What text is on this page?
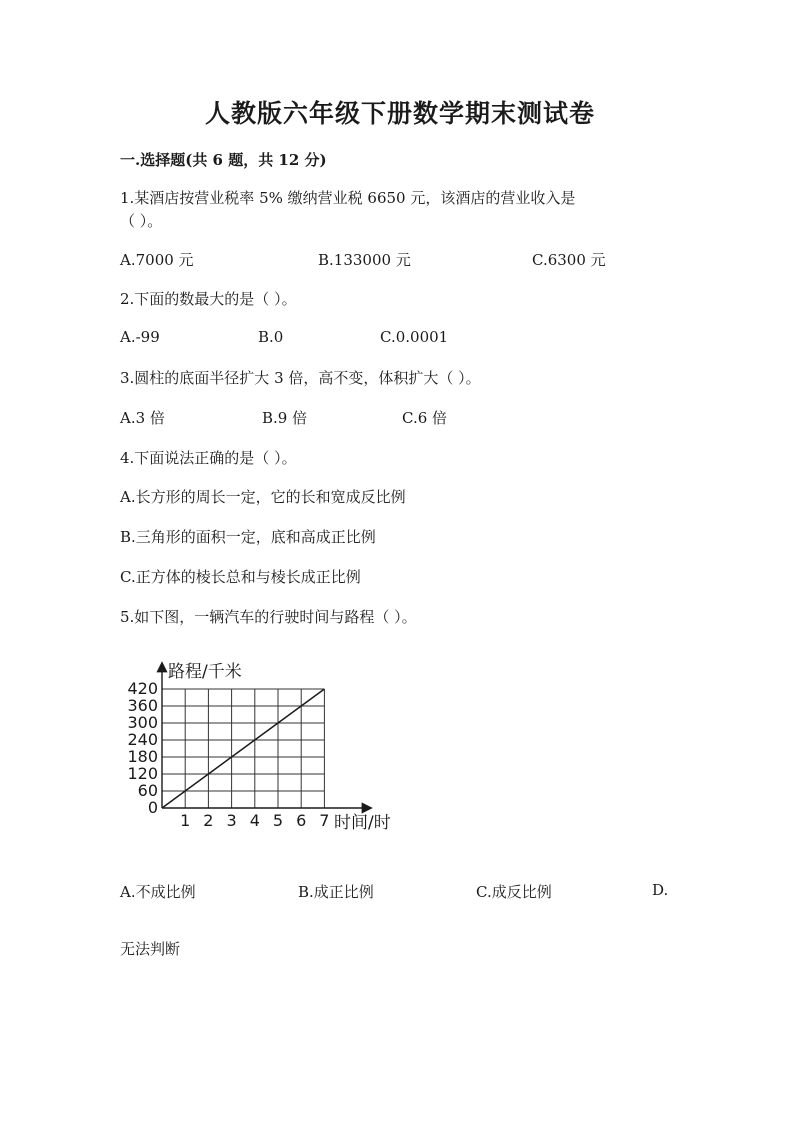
人教版六年级下册数学期末测试卷
一.选择题(共 6 题，共 12 分)
1.某酒店按营业税率 5% 缴纳营业税 6650 元，该酒店的营业收入是
（ ）。
A.7000 元	B.133000 元	C.6300 元
2.下面的数最大的是（ ）。
A.-99	B.0	C.0.0001
3.圆柱的底面半径扩大 3 倍，高不变，体积扩大（ ）。
A.3 倍	B.9 倍	C.6 倍
4.下面说法正确的是（ ）。
A.长方形的周长一定，它的长和宽成反比例
B.三角形的面积一定，底和高成正比例
C.正方体的棱长总和与棱长成正比例
5.如下图，一辆汽车的行驶时间与路程（ ）。
1 2 3 4 5 6 7
0
60
120
180
240
300
360
420
路程/千米
时间/时
A.不成比例	B.成正比例	C.成反比例	D.
无法判断
